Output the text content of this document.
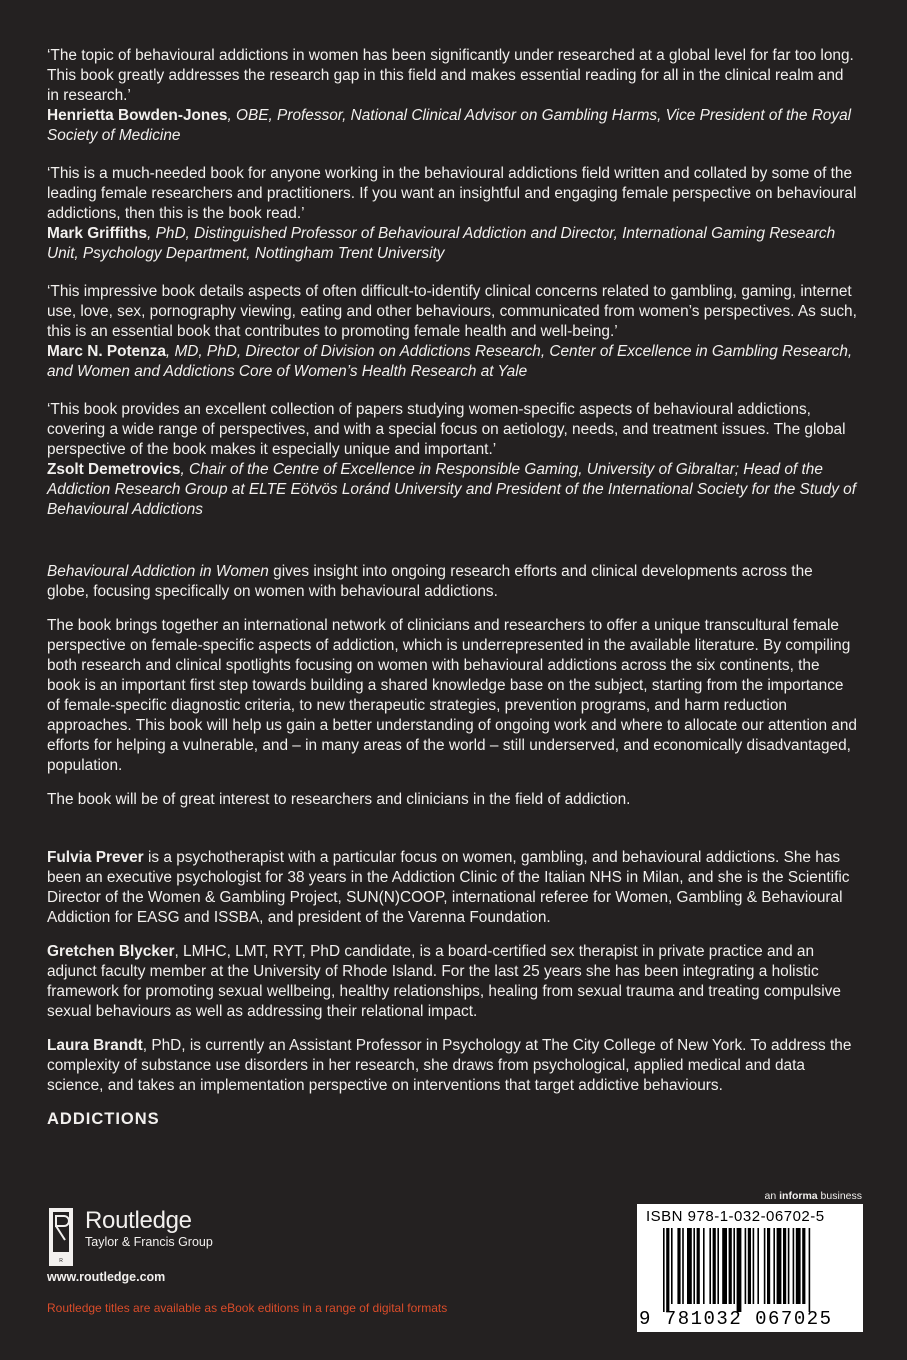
‘The topic of behavioural addictions in women has been significantly under researched at a global level for far too long. This book greatly addresses the research gap in this field and makes essential reading for all in the clinical realm and in research.’

Henrietta Bowden-Jones, OBE, Professor, National Clinical Advisor on Gambling Harms, Vice President of the Royal Society of Medicine

‘This is a much-needed book for anyone working in the behavioural addictions field written and collated by some of the leading female researchers and practitioners. If you want an insightful and engaging female perspective on behavioural addictions, then this is the book read.’

Mark Griffiths, PhD, Distinguished Professor of Behavioural Addiction and Director, International Gaming Research Unit, Psychology Department, Nottingham Trent University

‘This impressive book details aspects of often difficult-to-identify clinical concerns related to gambling, gaming, internet use, love, sex, pornography viewing, eating and other behaviours, communicated from women’s perspectives. As such, this is an essential book that contributes to promoting female health and well-being.’

Marc N. Potenza, MD, PhD, Director of Division on Addictions Research, Center of Excellence in Gambling Research, and Women and Addictions Core of Women’s Health Research at Yale

‘This book provides an excellent collection of papers studying women-specific aspects of behavioural addictions, covering a wide range of perspectives, and with a special focus on aetiology, needs, and treatment issues. The global perspective of the book makes it especially unique and important.’

Zsolt Demetrovics, Chair of the Centre of Excellence in Responsible Gaming, University of Gibraltar; Head of the Addiction Research Group at ELTE Eötvös Loránd University and President of the International Society for the Study of Behavioural Addictions

Behavioural Addiction in Women gives insight into ongoing research efforts and clinical developments across the globe, focusing specifically on women with behavioural addictions.

The book brings together an international network of clinicians and researchers to offer a unique transcultural female perspective on female-specific aspects of addiction, which is underrepresented in the available literature. By compiling both research and clinical spotlights focusing on women with behavioural addictions across the six continents, the book is an important first step towards building a shared knowledge base on the subject, starting from the importance of female-specific diagnostic criteria, to new therapeutic strategies, prevention programs, and harm reduction approaches. This book will help us gain a better understanding of ongoing work and where to allocate our attention and efforts for helping a vulnerable, and – in many areas of the world – still underserved, and economically disadvantaged, population.

The book will be of great interest to researchers and clinicians in the field of addiction.

Fulvia Prever is a psychotherapist with a particular focus on women, gambling, and behavioural addictions. She has been an executive psychologist for 38 years in the Addiction Clinic of the Italian NHS in Milan, and she is the Scientific Director of the Women & Gambling Project, SUN(N)COOP, international referee for Women, Gambling & Behavioural Addiction for EASG and ISSBA, and president of the Varenna Foundation.

Gretchen Blycker, LMHC, LMT, RYT, PhD candidate, is a board-certified sex therapist in private practice and an adjunct faculty member at the University of Rhode Island. For the last 25 years she has been integrating a holistic framework for promoting sexual wellbeing, healthy relationships, healing from sexual trauma and treating compulsive sexual behaviours as well as addressing their relational impact.

Laura Brandt, PhD, is currently an Assistant Professor in Psychology at The City College of New York. To address the complexity of substance use disorders in her research, she draws from psychological, applied medical and data science, and takes an implementation perspective on interventions that target addictive behaviours.

ADDICTIONS

R
Routledge
Taylor & Francis Group
www.routledge.com
an informa business
Routledge titles are available as eBook editions in a range of digital formats
ISBN 978-1-032-06702-5
9 781032 067025
